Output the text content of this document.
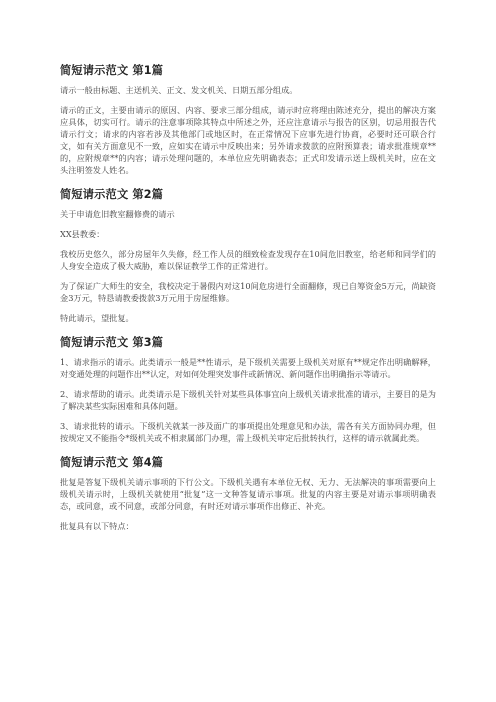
简短请示范文 第1篇

请示一般由标题、主送机关、正文、发文机关、日期五部分组成。

请示的正文，主要由请示的原因、内容、要求三部分组成，请示时应将理由陈述充分，提出的解决方案应具体，切实可行。请示的注意事项除其特点中所述之外，还应注意请示与报告的区别，切忌用报告代请示行文；请求的内容若涉及其他部门或地区时，在正常情况下应事先进行协商，必要时还可联合行文，如有关方面意见不一致，应如实在请示中反映出来；另外请求拨款的应附预算表；请求批准规章**的，应附规章**的内容；请示处理问题的，本单位应先明确表态；正式印发请示送上级机关时，应在文头注明签发人姓名。

简短请示范文 第2篇

关于申请危旧教室翻修费的请示

XX县教委：

我校历史悠久，部分房屋年久失修，经工作人员的细致检查发现存在10间危旧教室，给老师和同学们的人身安全造成了极大威胁，难以保证教学工作的正常进行。

为了保证广大师生的安全，我校决定于暑假内对这10间危房进行全面翻修，现已自筹资金5万元，尚缺资金3万元，特恳请教委拨款3万元用于房屋维修。

特此请示，望批复。

简短请示范文 第3篇

1、请求指示的请示。此类请示一般是**性请示，是下级机关需要上级机关对原有**规定作出明确解释，对变通处理的问题作出**认定，对如何处理突发事件或新情况、新问题作出明确指示等请示。

2、请求帮助的请示。此类请示是下级机关针对某些具体事宜向上级机关请求批准的请示，主要目的是为了解决某些实际困难和具体问题。

3、请求批转的请示。下级机关就某一涉及面广的事项提出处理意见和办法，需各有关方面协同办理，但按规定又不能指令*级机关或不相隶属部门办理，需上级机关审定后批转执行，这样的请示就属此类。

简短请示范文 第4篇

批复是答复下级机关请示事项的下行公文。下级机关遇有本单位无权、无力、无法解决的事项需要向上级机关请示时，上级机关就使用“批复”这一文种答复请示事项。批复的内容主要是对请示事项明确表态，或同意，或不同意，或部分同意，有时还对请示事项作出修正、补充。

批复具有以下特点：
